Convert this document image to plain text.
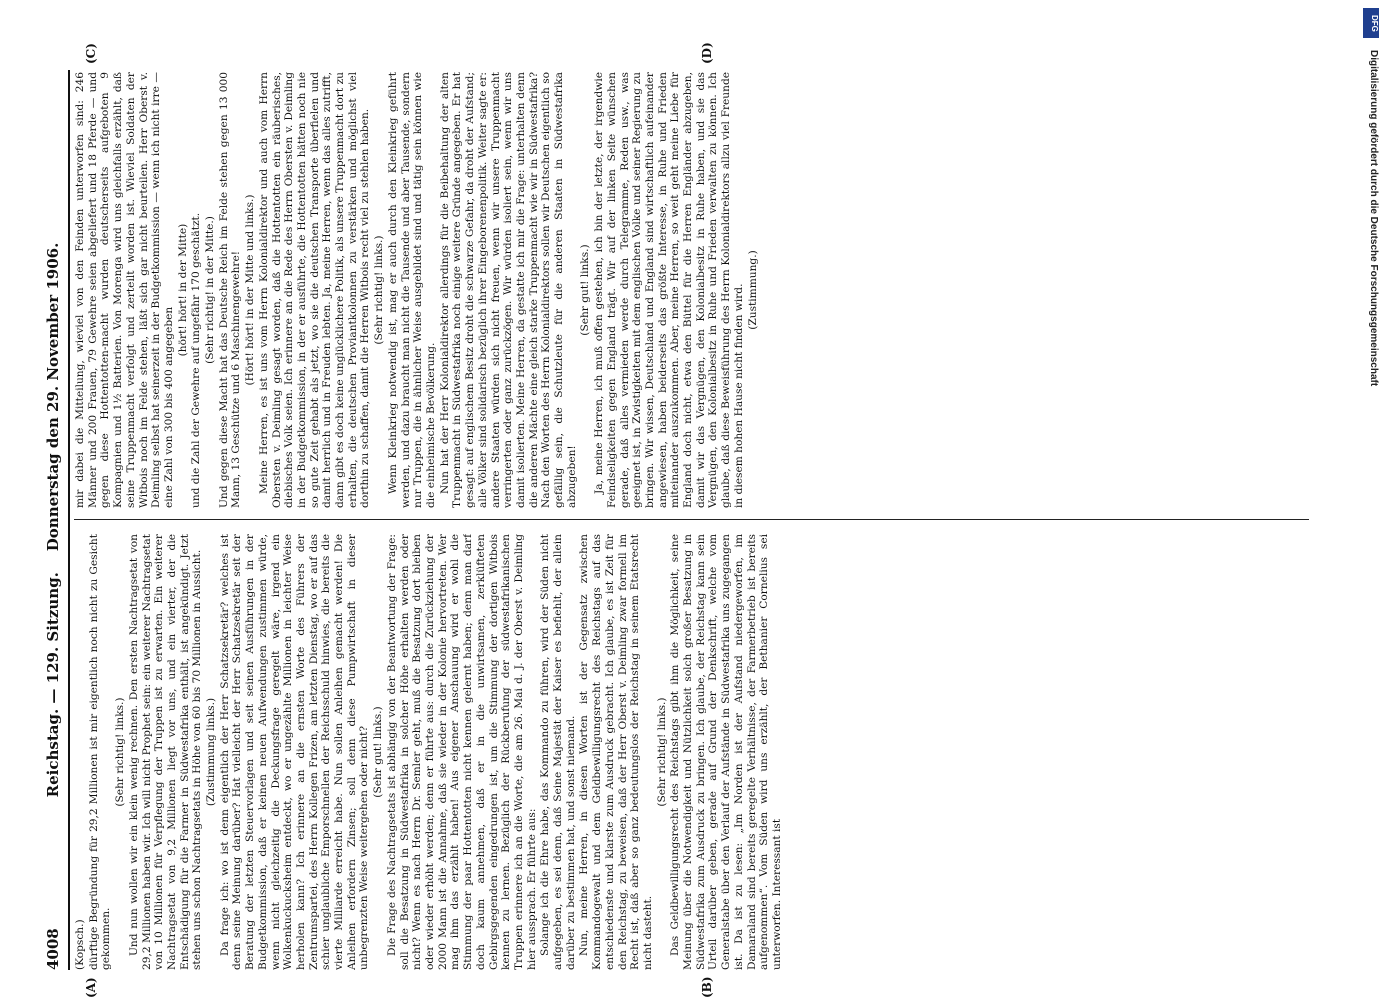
4008
Reichstag. — 129. Sitzung.    Donnerstag den 29. November 1906.
(A)	(B)
(C)	(D)

(Kopsch.) dürftige Begründung für 29,2 Millionen ist mir eigentlich noch nicht zu Gesicht gekommen.

(Sehr richtig! links.) Und nun wollen wir ein klein wenig rechnen. Den ersten Nachtragsetat von 29,2 Millionen haben wir. Ich will nicht Prophet sein: ein weiterer Nachtragsetat von 10 Millionen für Verpflegung der Truppen ist zu erwarten. Ein weiterer Nachtragsetat von 9,2 Millionen liegt vor uns, und ein vierter, der die Entschädigung für die Farmer in Südwestafrika enthält, ist angekündigt. Jetzt stehen uns schon Nachtragsetats in Höhe von 60 bis 70 Millionen in Aussicht. (Zustimmung links.) Da frage ich: wo ist denn eigentlich der Herr Schatzsekretär? welches ist denn seine Meinung darüber? Hat vielleicht der Herr Schatzsekretär seit der Beratung der letzten Steuervorlagen und seit seinen Ausführungen in der Budgetkommission, daß er keinen neuen Aufwendungen zustimmen würde, wenn nicht gleichzeitig die Deckungsfrage geregelt wäre, irgend ein Wolkenkuckucksheim entdeckt, wo er ungezählte Millionen in leichter Weise herholen kann? Ich erinnere an die ernsten Worte des Führers der Zentrumspartei, des Herrn Kollegen Frizen, am letzten Dienstag, wo er auf das schier unglaubliche Emporschnellen der Reichsschuld hinwies, die bereits die vierte Milliarde erreicht habe. Nun sollen Anleihen gemacht werden! Die Anleihen erfordern Zinsen; soll denn diese Pumpwirtschaft in dieser unbegrenzten Weise weitergehen oder nicht? (Sehr gut! links.) Die Frage des Nachtragsetats ist abhängig von der Beantwortung der Frage: soll die Besatzung in Südwestafrika in solcher Höhe erhalten werden oder nicht? Wenn es nach Herrn Dr. Semler geht, muß die Besatzung dort bleiben oder wieder erhöht werden; denn er führte aus: durch die Zurückziehung der 2000 Mann ist die Annahme, daß sie wieder in der Kolonie hervortreten. Wer mag ihm das erzählt haben! Aus eigener Anschauung wird er wohl die Stimmung der paar Hottentotten nicht kennen gelernt haben; denn man darf doch kaum annehmen, daß er in die unwirtsamen, zerklüfteten Gebirgsgegenden eingedrungen ist, um die Stimmung der dortigen Witbois kennen zu lernen. Bezüglich der Rückberufung der südwestafrikanischen Truppen erinnere ich an die Worte, die am 26. Mai d. J. der Oberst v. Deimling hier aussprach. Er führte aus: Solange ich die Ehre habe, das Kommando zu führen, wird der Süden nicht aufgegeben, es sei denn, daß Seine Majestät der Kaiser es befiehlt, der allein darüber zu bestimmen hat, und sonst niemand. Nun, meine Herren, in diesen Worten ist der Gegensatz zwischen Kommandogewalt und dem Geldbewilligungsrecht des Reichstags auf das entschiedenste und klarste zum Ausdruck gebracht. Ich glaube, es ist Zeit für den Reichstag, zu beweisen, daß der Herr Oberst v. Deimling zwar formell im Recht ist, daß aber so ganz bedeutungslos der Reichstag in seinem Etatsrecht nicht dasteht.

(Sehr richtig! links.) Das Geldbewilligungsrecht des Reichstags gibt ihm die Möglichkeit, seine Meinung über die Notwendigkeit und Nützlichkeit solch großer Besatzung in Südwestafrika zum Ausdruck zu bringen. Ich glaube, der Reichstag kann sein Urteil darüber geben, gerade auf Grund der Denkschrift, welche vom Generalstabe über den Verlauf der Aufstände in Südwestafrika uns zugegangen ist. Da ist zu lesen: „Im Norden ist der Aufstand niedergeworfen, im Damaraland sind bereits geregelte Verhältnisse, der Farmerbetrieb ist bereits aufgenommen“. Vom Süden wird uns erzählt, der Bethanier Cornelius sei unterworfen. Interessant ist

mir dabei die Mitteilung, wieviel von den Feinden unterworfen sind: 246 Männer und 200 Frauen, 79 Gewehre seien abgeliefert und 18 Pferde — und gegen diese Hottentotten-macht wurden deutscherseits aufgeboten 9 Kompagnien und 1½ Batterien. Von Morenga wird uns gleichfalls erzählt, daß seine Truppenmacht verfolgt und zerteilt worden ist. Wieviel Soldaten der Witbois noch im Felde stehen, läßt sich gar nicht beurteilen. Herr Oberst v. Deimling selbst hat seinerzeit in der Budgetkommission — wenn ich nicht irre — eine Zahl von 300 bis 400 angegeben

(hört! hört! in der Mitte) und die Zahl der Gewehre auf ungefähr 170 geschätzt. (Sehr richtig! in der Mitte.) Und gegen diese Macht hat das Deutsche Reich im Felde stehen gegen 13 000 Mann, 13 Geschütze und 6 Maschinengewehre! (Hört! hört! in der Mitte und links.) Meine Herren, es ist uns vom Herrn Kolonialdirektor und auch vom Herrn Obersten v. Deimling gesagt worden, daß die Hottentotten ein räuberisches, diebisches Volk seien. Ich erinnere an die Rede des Herrn Obersten v. Deimling in der Budgetkommission, in der er ausführte, die Hottentotten hätten noch nie so gute Zeit gehabt als jetzt, wo sie die deutschen Transporte überfielen und damit herrlich und in Freuden lebten. Ja, meine Herren, wenn das alles zutrifft, dann gibt es doch keine unglücklichere Politik, als unsere Truppenmacht dort zu erhalten, die deutschen Proviantkolonnen zu verstärken und möglichst viel dorthin zu schaffen, damit die Herren Witbois recht viel zu stehlen haben. (Sehr richtig! links.) Wenn Kleinkrieg notwendig ist, mag er auch durch den Kleinkrieg geführt werden, und dazu braucht man nicht die Tausende und aber Tausende, sondern nur Truppen, die in ähnlicher Weise ausgebildet sind und tätig sein können wie die einheimische Bevölkerung. Nun hat der Herr Kolonialdirektor allerdings für die Beibehaltung der alten Truppenmacht in Südwestafrika noch einige weitere Gründe angegeben. Er hat gesagt: auf englischem Besitz droht die schwarze Gefahr, da droht der Aufstand; alle Völker sind solidarisch bezüglich ihrer Eingeborenenpolitik. Weiter sagte er: andere Staaten würden sich nicht freuen, wenn wir unsere Truppenmacht verringerten oder ganz zurückzögen. Wir würden isoliert sein, wenn wir uns damit isolierten. Meine Herren, da gestatte ich mir die Frage: unterhalten denn die anderen Mächte eine gleich starke Truppenmacht wie wir in Südwestafrika? Nach den Worten des Herrn Kolonialdirektors sollen wir Deutschen eigentlich so gefällig sein, die Schutzleute für die anderen Staaten in Südwestafrika abzugeben!

(Sehr gut! links.) Ja, meine Herren, ich muß offen gestehen, ich bin der letzte, der irgendwie Feindseligkeiten gegen England trägt. Wir auf der linken Seite wünschen gerade, daß alles vermieden werde durch Telegramme, Reden usw., was geeignet ist, in Zwistigkeiten mit dem englischen Volke und seiner Regierung zu bringen. Wir wissen, Deutschland und England sind wirtschaftlich aufeinander angewiesen, haben beiderseits das größte Interesse, in Ruhe und Frieden miteinander auszukommen. Aber, meine Herren, so weit geht meine Liebe für England doch nicht, etwa den Büttel für die Herren Engländer abzugeben, damit wir das Vergnügen, den Kolonialbesitz in Ruhe haben, und sie das Vergnügen, den Kolonialbesitz in Ruhe und Frieden verwalten zu können. Ich glaube, daß diese Beweisführung des Herrn Kolonialdirektors allzu viel Freunde in diesem hohen Hause nicht finden wird. (Zustimmung.)

DFG
Digitalisierung gefördert durch die Deutsche Forschungsgemeinschaft
